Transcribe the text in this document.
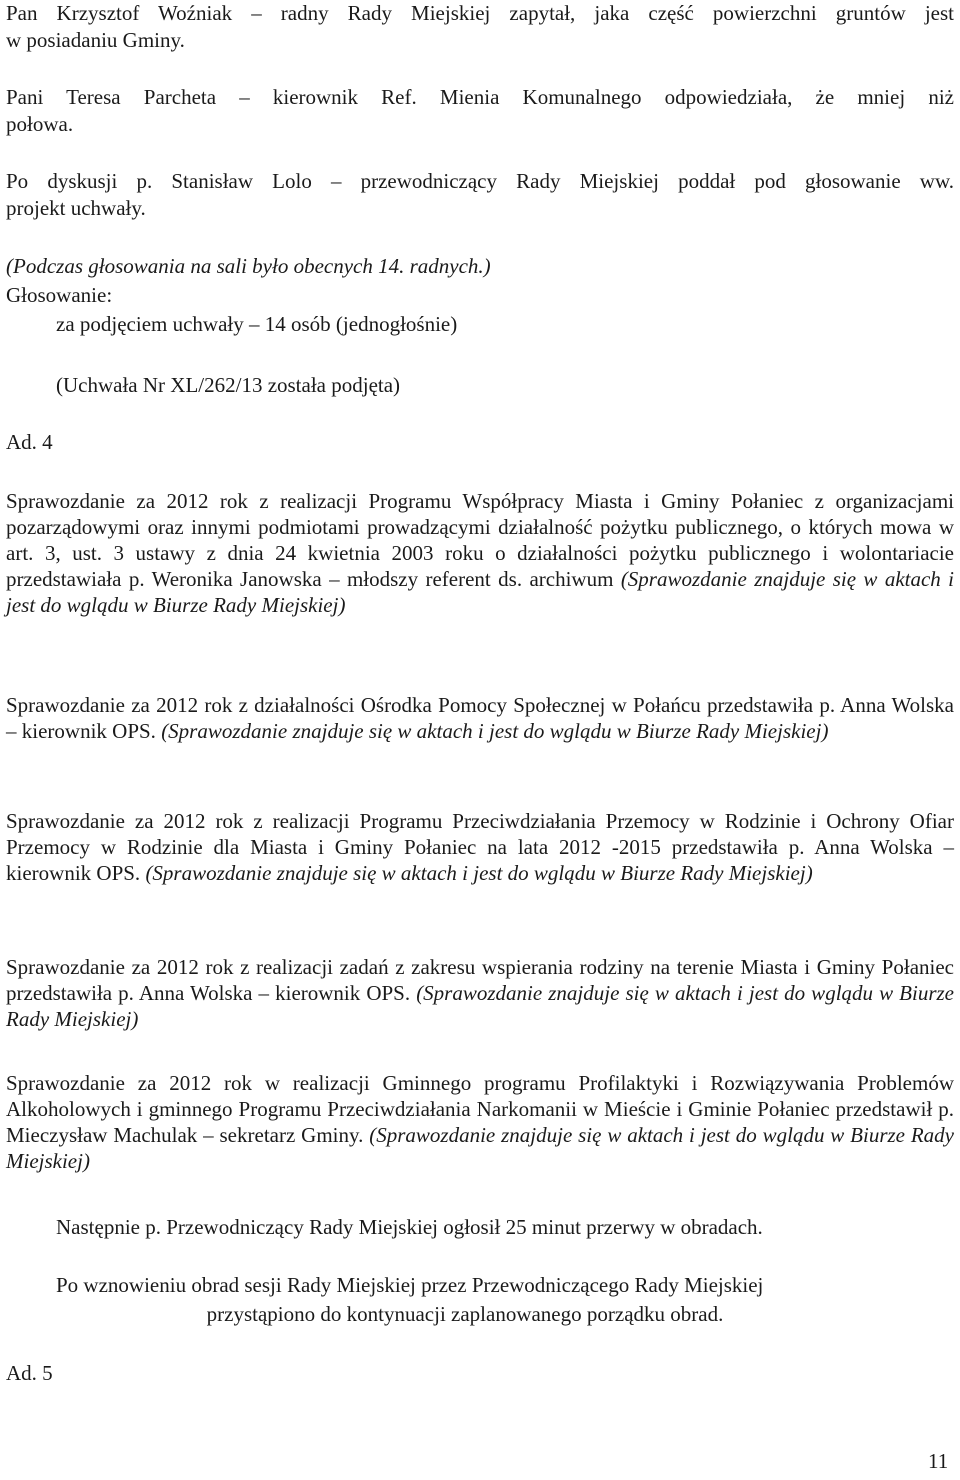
Pan Krzysztof Woźniak – radny Rady Miejskiej zapytał, jaka część powierzchni gruntów jest

w posiadaniu Gminy.

Pani Teresa Parcheta – kierownik Ref. Mienia Komunalnego odpowiedziała, że mniej niż

połowa.

Po dyskusji p. Stanisław Lolo – przewodniczący Rady Miejskiej poddał pod głosowanie ww.

projekt uchwały.

(Podczas głosowania na sali było obecnych 14. radnych.)

Głosowanie:

za podjęciem uchwały – 14 osób (jednogłośnie)

(Uchwała Nr XL/262/13 została podjęta)

Ad. 4

Sprawozdanie za 2012 rok z realizacji Programu Współpracy Miasta i Gminy Połaniec z organizacjami pozarządowymi oraz innymi podmiotami prowadzącymi działalność pożytku publicznego, o których mowa w art. 3, ust. 3 ustawy z dnia 24 kwietnia 2003 roku o działalności pożytku publicznego i wolontariacie przedstawiała p. Weronika Janowska – młodszy referent ds. archiwum (Sprawozdanie znajduje się w aktach i jest do wglądu w Biurze Rady Miejskiej)

Sprawozdanie za 2012 rok z działalności Ośrodka Pomocy Społecznej w Połańcu przedstawiła p. Anna Wolska – kierownik OPS. (Sprawozdanie znajduje się w aktach i jest do wglądu w Biurze Rady Miejskiej)

Sprawozdanie za 2012 rok z realizacji Programu Przeciwdziałania Przemocy w Rodzinie i Ochrony Ofiar Przemocy w Rodzinie dla Miasta i Gminy Połaniec na lata 2012 -2015 przedstawiła p. Anna Wolska – kierownik OPS. (Sprawozdanie znajduje się w aktach i jest do wglądu w Biurze Rady Miejskiej)

Sprawozdanie za 2012 rok z realizacji zadań z zakresu wspierania rodziny na terenie Miasta i Gminy Połaniec przedstawiła p. Anna Wolska – kierownik OPS. (Sprawozdanie znajduje się w aktach i jest do wglądu w Biurze Rady Miejskiej)

Sprawozdanie za 2012 rok w realizacji Gminnego programu Profilaktyki i Rozwiązywania Problemów Alkoholowych i gminnego Programu Przeciwdziałania Narkomanii w Mieście i Gminie Połaniec przedstawił p. Mieczysław Machulak – sekretarz Gminy. (Sprawozdanie znajduje się w aktach i jest do wglądu w Biurze Rady Miejskiej)

Następnie p. Przewodniczący Rady Miejskiej ogłosił 25 minut przerwy w obradach.

Po wznowieniu obrad sesji Rady Miejskiej przez Przewodniczącego Rady Miejskiej

przystąpiono do kontynuacji zaplanowanego porządku obrad.

Ad. 5

11
